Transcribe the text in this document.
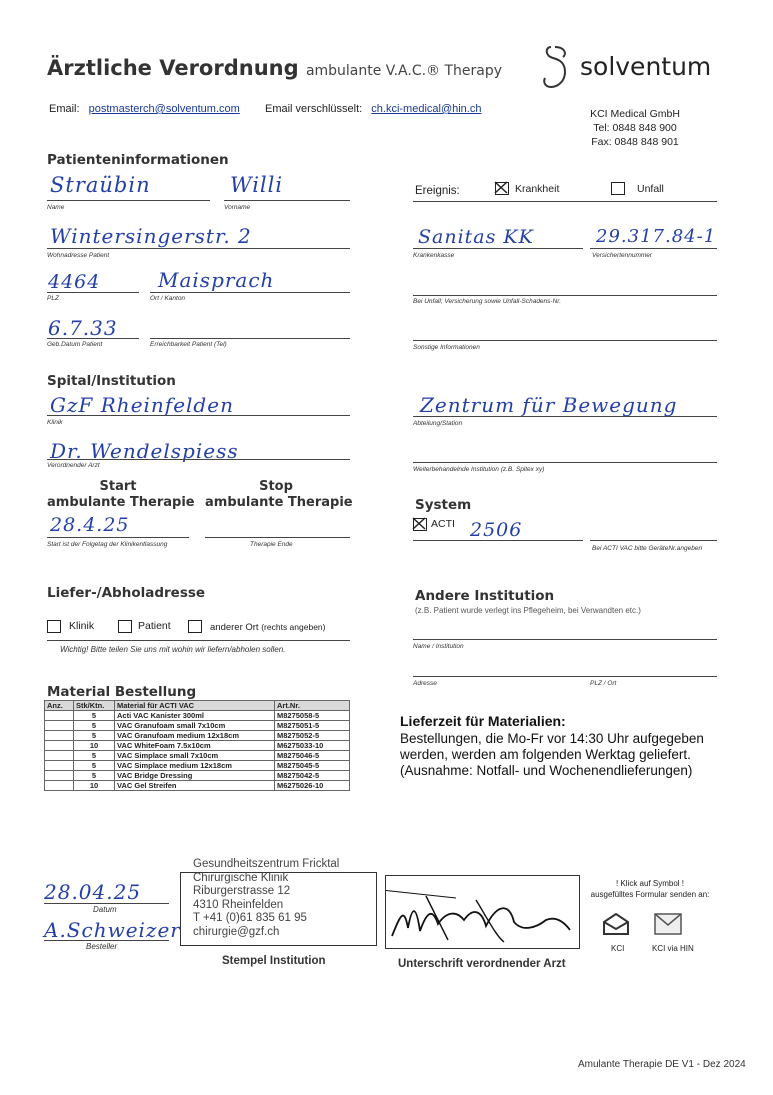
Ärztliche Verordnung ambulante V.A.C.® Therapy	solventum
Email: postmasterch@solventum.com Email verschlüsselt: ch.kci-medical@hin.ch	KCI Medical GmbH
Tel: 0848 848 900
Fax: 0848 848 901
Patienteninformationen
Straübin
Name
Willi
Vorname
Wintersingerstr. 2
Wohnadresse Patient
4464
PLZ
Maisprach
Ort / Kanton
6.7.33
Geb.Datum Patient	Erreichbarkeit Patient (Tel)
Ereignis:	Krankheit	Unfall
Sanitas KK
Krankenkasse
29.317.84-1
Versichertennummer
Bei Unfall; Versicherung sowie Unfall-Schadens-Nr.
Sonstige Informationen
Spital/Institution
GzF Rheinfelden
Klinik
Dr. Wendelspiess
Verordnender Arzt
Zentrum für Bewegung
Abteilung/Station
Weiterbehandelnde Institution (z.B. Spitex xy)
Start
ambulante Therapie
Stop
ambulante Therapie
28.4.25
Start ist der Folgetag der Klinikentlassung	Therapie Ende
System
ACTI 2506
Bei ACTI VAC bitte GeräteNr.angeben
Liefer-/Abholadresse
Klinik	Patient	anderer Ort (rechts angeben)
Wichtig! Bitte teilen Sie uns mit wohin wir liefern/abholen sollen.
Andere Institution
(z.B. Patient wurde verlegt ins Pflegeheim, bei Verwandten etc.)
Name / Institution
Adresse	PLZ / Ort
Material Bestellung
Anz.	Stk/Ktn.	Material für ACTI VAC	Art.Nr.
	5	Acti VAC Kanister 300ml	M8275058-5
	5	VAC Granufoam small 7x10cm	M8275051-5
	5	VAC Granufoam medium 12x18cm	M8275052-5
	10	VAC WhiteFoam 7.5x10cm	M6275033-10
	5	VAC Simplace small 7x10cm	M8275046-5
	5	VAC Simplace medium 12x18cm	M8275045-5
	5	VAC Bridge Dressing	M8275042-5
	10	VAC Gel Streifen	M6275026-10
Lieferzeit für Materialien:
Bestellungen, die Mo-Fr vor 14:30 Uhr aufgegeben werden, werden am folgenden Werktag geliefert. (Ausnahme: Notfall- und Wochenendlieferungen)
28.04.25
Datum
A.Schweizer
Besteller
Gesundheitszentrum Fricktal
Chirurgische Klinik
Riburgerstrasse 12
4310 Rheinfelden
T +41 (0)61 835 61 95
chirurgie@gzf.ch
Stempel Institution	Unterschrift verordnender Arzt
! Klick auf Symbol !
ausgefülltes Formular senden an:
KCI	KCI via HIN
Amulante Therapie DE V1 - Dez 2024
